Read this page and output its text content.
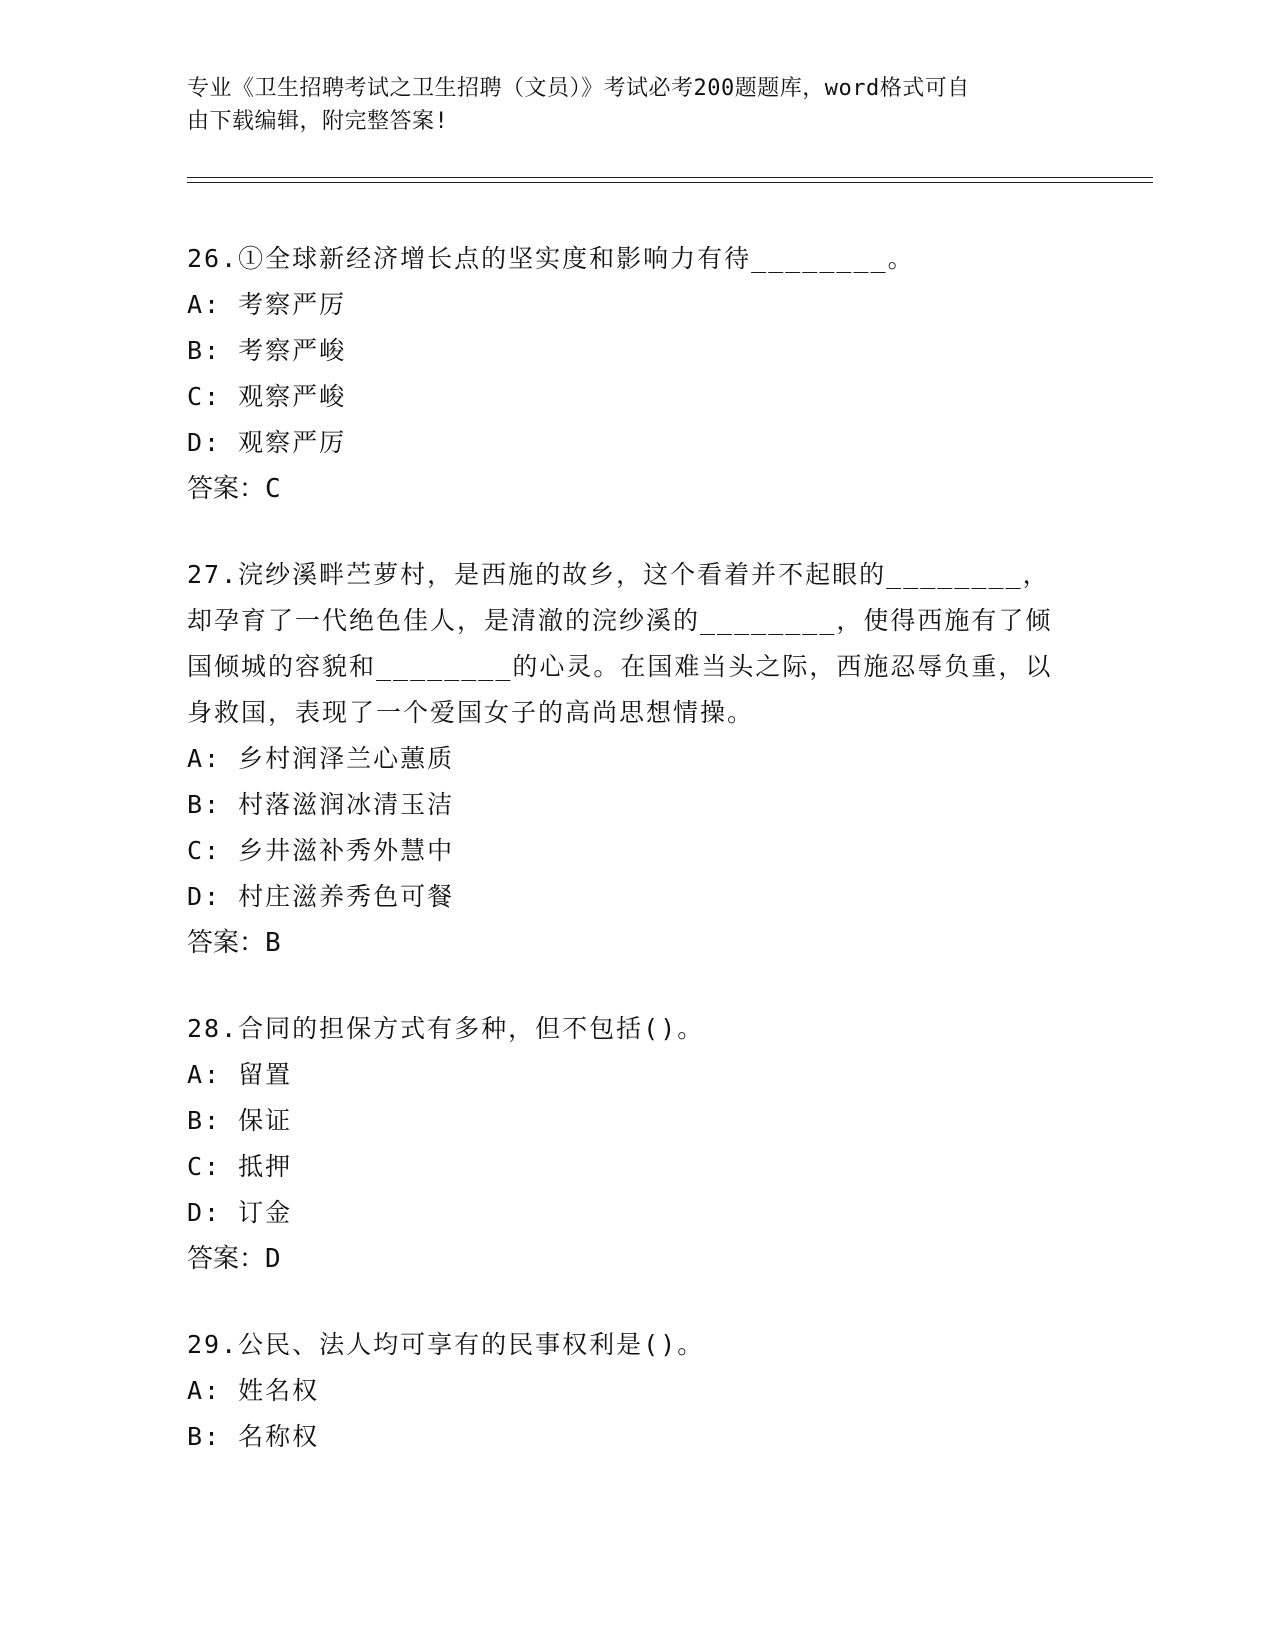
专业《卫生招聘考试之卫生招聘（文员）》考试必考200题题库，word格式可自
由下载编辑，附完整答案!

26.①全球新经济增长点的坚实度和影响力有待________。

A: 考察严厉

B: 考察严峻

C: 观察严峻

D: 观察严厉

答案：C

27.浣纱溪畔苎萝村，是西施的故乡，这个看着并不起眼的________，却孕育了一代绝色佳人，是清澈的浣纱溪的________，使得西施有了倾国倾城的容貌和________的心灵。在国难当头之际，西施忍辱负重，以身救国，表现了一个爱国女子的高尚思想情操。

A: 乡村润泽兰心蕙质

B: 村落滋润冰清玉洁

C: 乡井滋补秀外慧中

D: 村庄滋养秀色可餐

答案：B

28.合同的担保方式有多种，但不包括()。

A: 留置

B: 保证

C: 抵押

D: 订金

答案：D

29.公民、法人均可享有的民事权利是()。

A: 姓名权

B: 名称权
